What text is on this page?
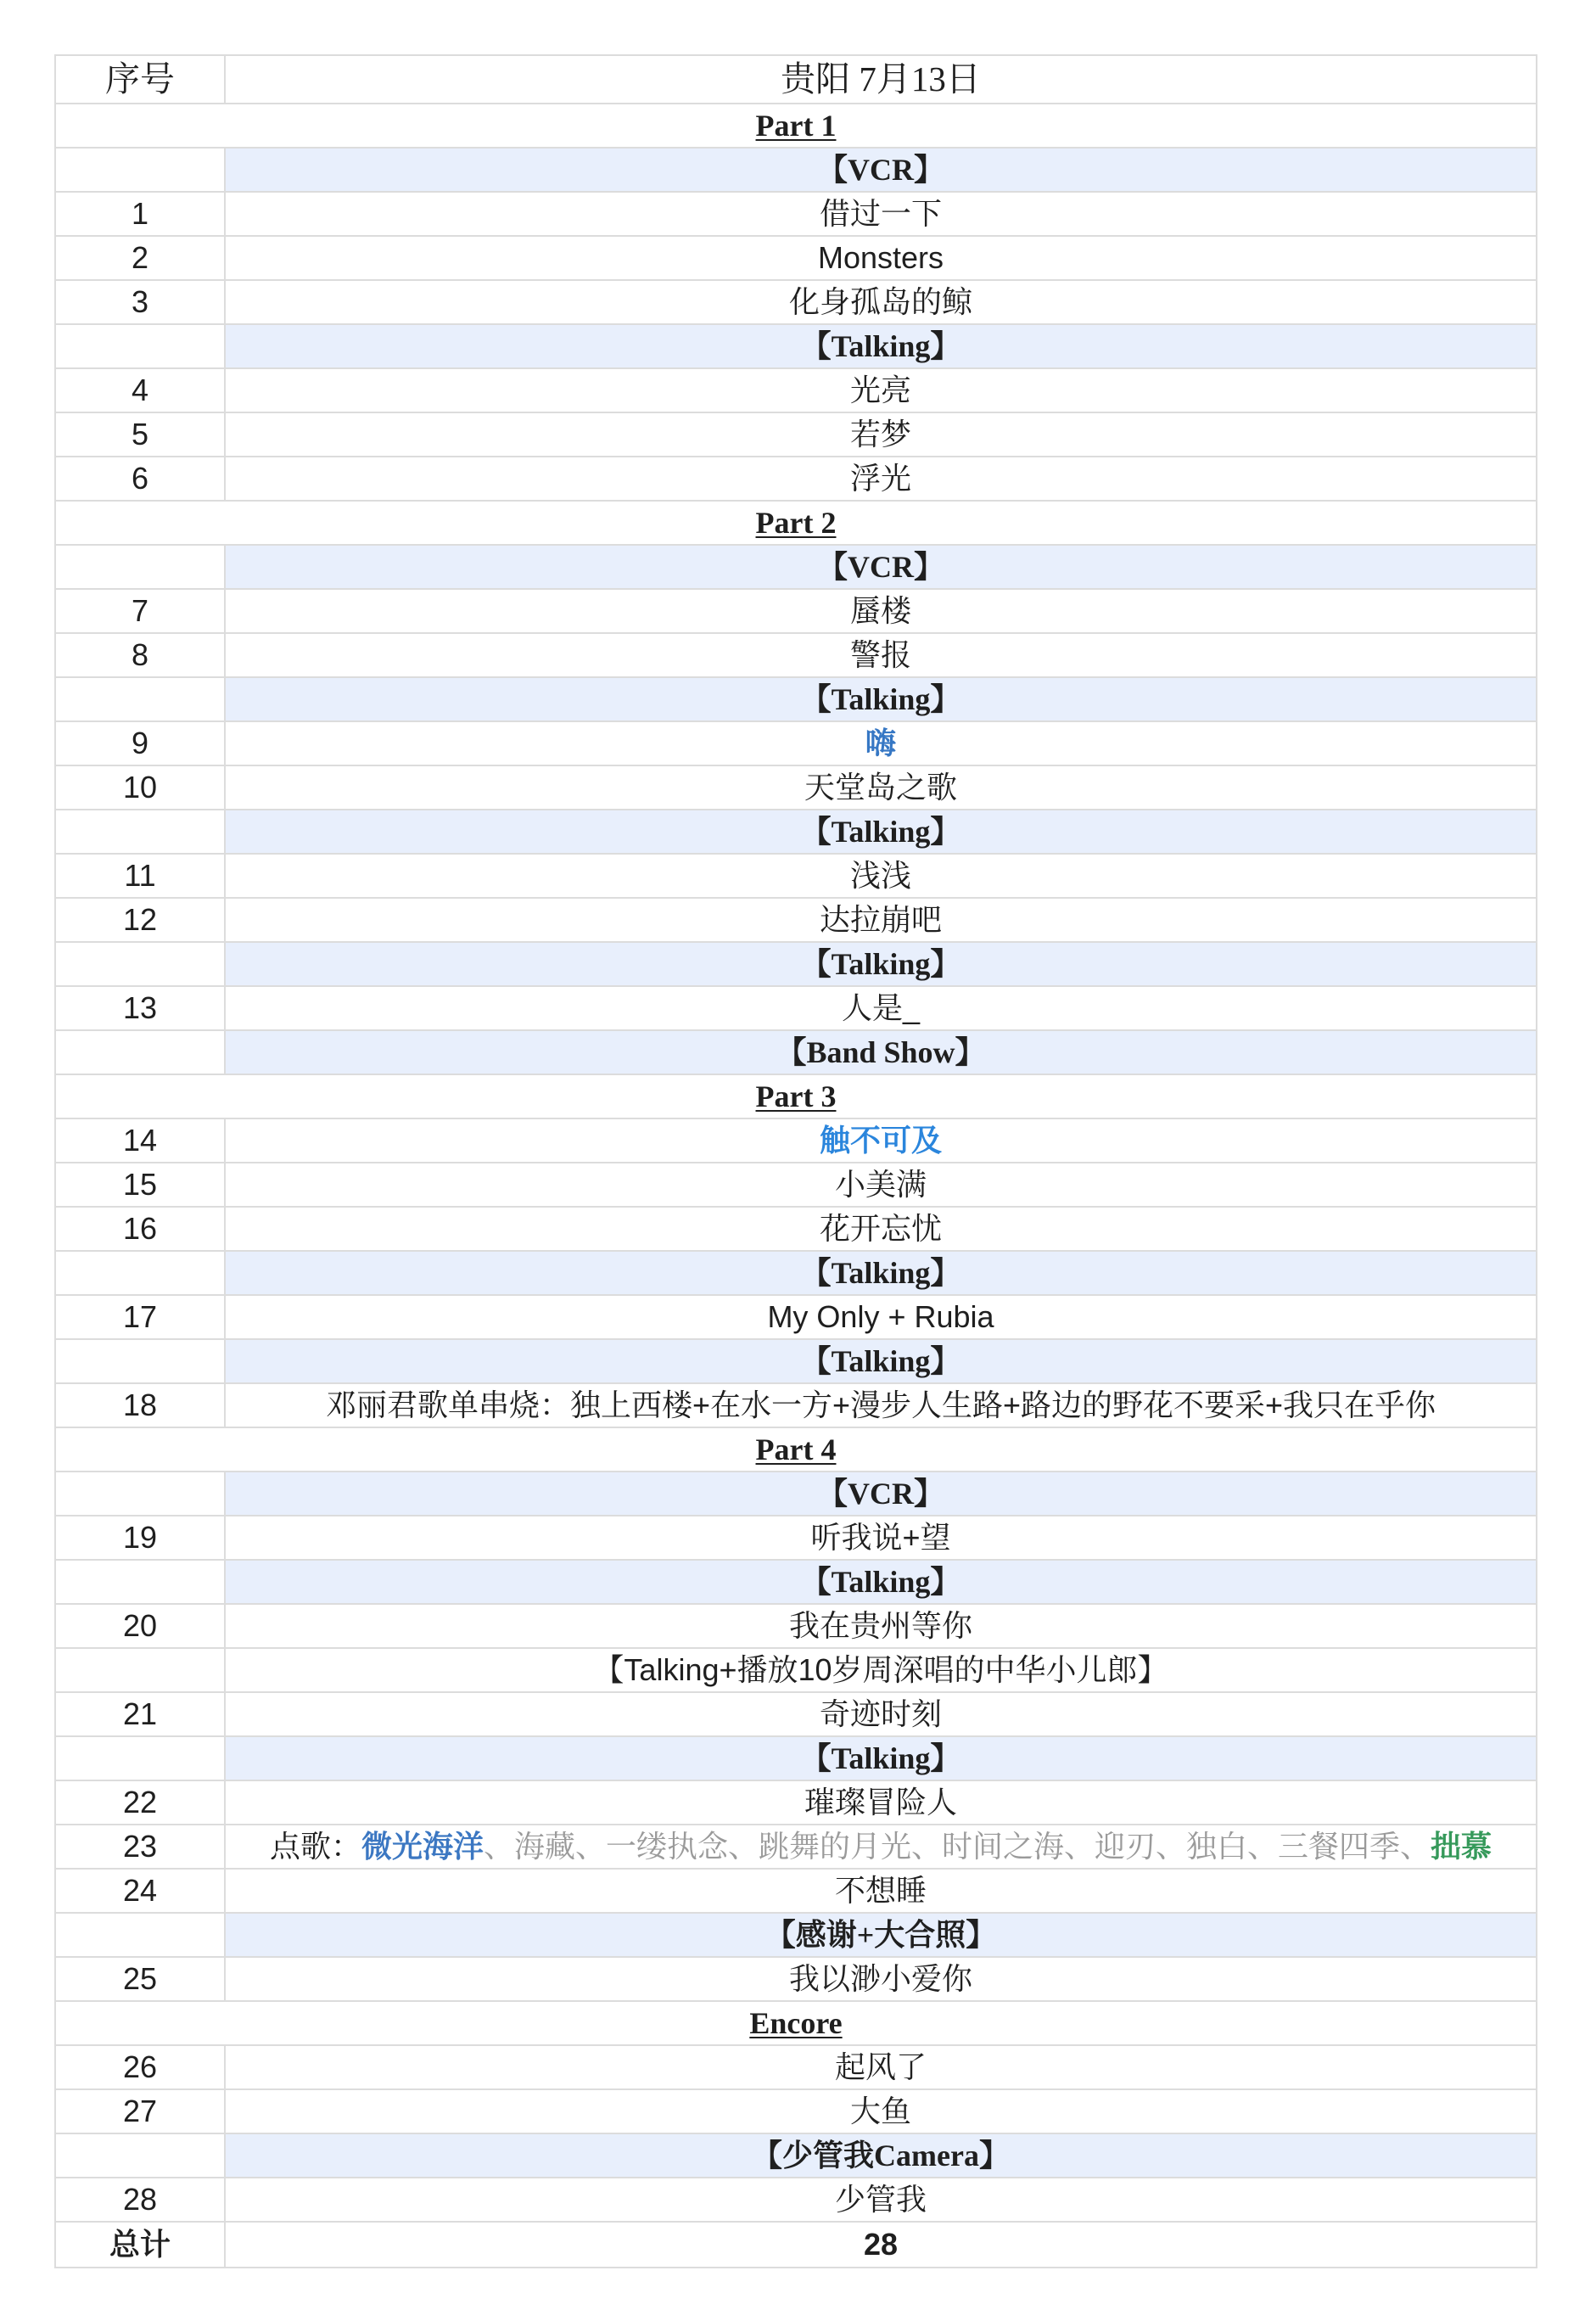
序号	贵阳 7月13日
Part 1
【VCR】
1	借过一下
2	Monsters
3	化身孤岛的鲸
【Talking】
4	光亮
5	若梦
6	浮光
Part 2
【VCR】
7	蜃楼
8	警报
【Talking】
9	嗨
10	天堂岛之歌
【Talking】
11	浅浅
12	达拉崩吧
【Talking】
13	人是_
【Band Show】
Part 3
14	触不可及
15	小美满
16	花开忘忧
【Talking】
17	My Only + Rubia
【Talking】
18	邓丽君歌单串烧：独上西楼+在水一方+漫步人生路+路边的野花不要采+我只在乎你
Part 4
【VCR】
19	听我说+望
【Talking】
20	我在贵州等你
【Talking+播放10岁周深唱的中华小儿郎】
21	奇迹时刻
【Talking】
22	璀璨冒险人
23	点歌： 微光海洋 、海藏、一缕执念、跳舞的月光、时间之海、迎刃、独白、三餐四季、 拙慕
24	不想睡
【感谢+大合照】
25	我以渺小爱你
Encore
26	起风了
27	大鱼
【少管我Camera】
28	少管我
总计	28
